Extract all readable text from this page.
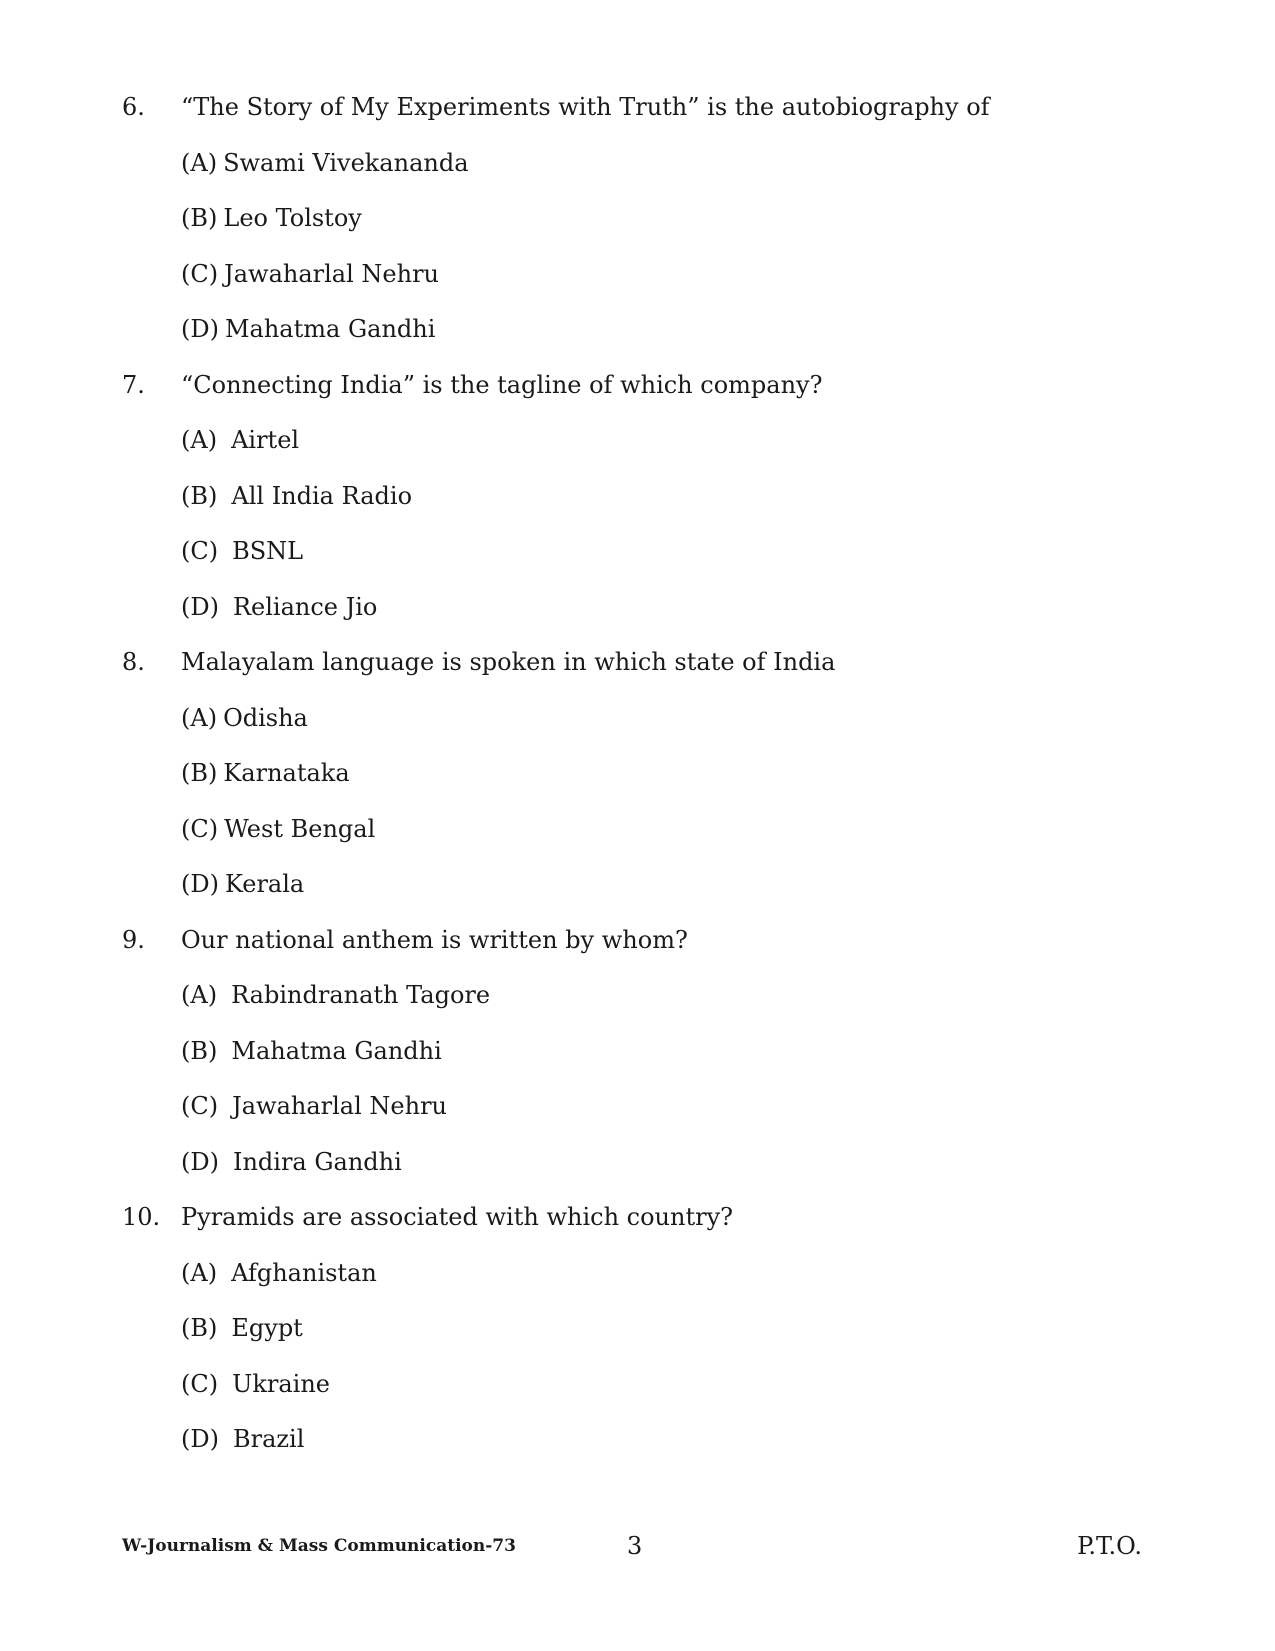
6.	“The Story of My Experiments with Truth” is the autobiography of
(A) Swami Vivekananda
(B) Leo Tolstoy
(C) Jawaharlal Nehru
(D) Mahatma Gandhi
7.	“Connecting India” is the tagline of which company?
(A) Airtel
(B) All India Radio
(C) BSNL
(D) Reliance Jio
8.	Malayalam language is spoken in which state of India
(A) Odisha
(B) Karnataka
(C) West Bengal
(D) Kerala
9.	Our national anthem is written by whom?
(A) Rabindranath Tagore
(B) Mahatma Gandhi
(C) Jawaharlal Nehru
(D) Indira Gandhi
10. Pyramids are associated with which country?
(A) Afghanistan
(B) Egypt
(C) Ukraine
(D) Brazil
W-Journalism & Mass Communication-73	3	P.T.O.
